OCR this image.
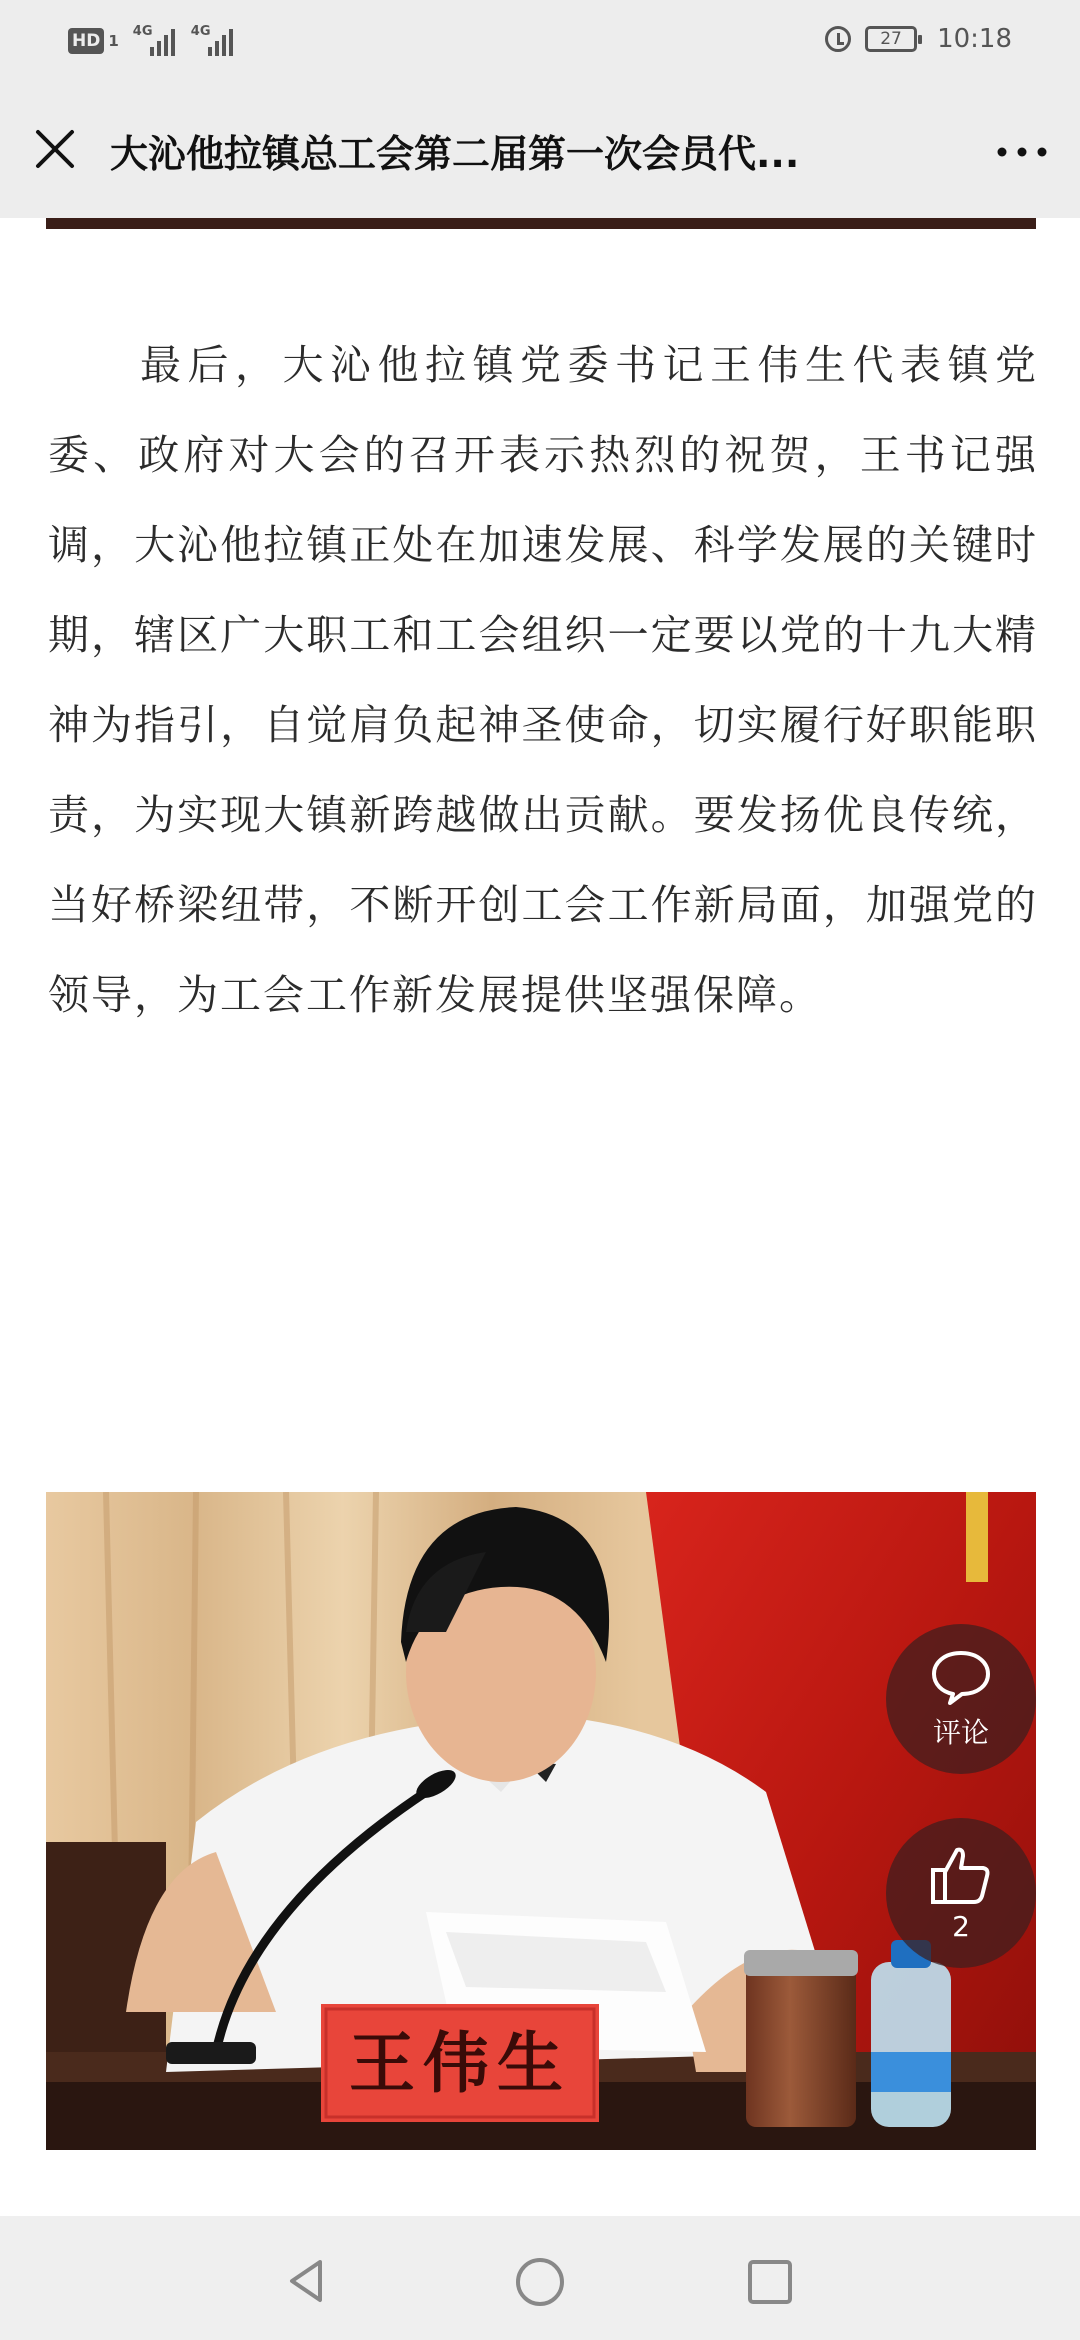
HD 1
4G	4G	27 10:18
大沁他拉镇总工会第二届第一次会员代...
最后，大沁他拉镇党委书记王伟生代表镇党委、政府对大会的召开表示热烈的祝贺，王书记强调，大沁他拉镇正处在加速发展、科学发展的关键时期，辖区广大职工和工会组织一定要以党的十九大精神为指引，自觉肩负起神圣使命，切实履行好职能职责，为实现大镇新跨越做出贡献。要发扬优良传统，当好桥梁纽带，不断开创工会工作新局面，加强党的领导，为工会工作新发展提供坚强保障。
王伟生
评论
2
